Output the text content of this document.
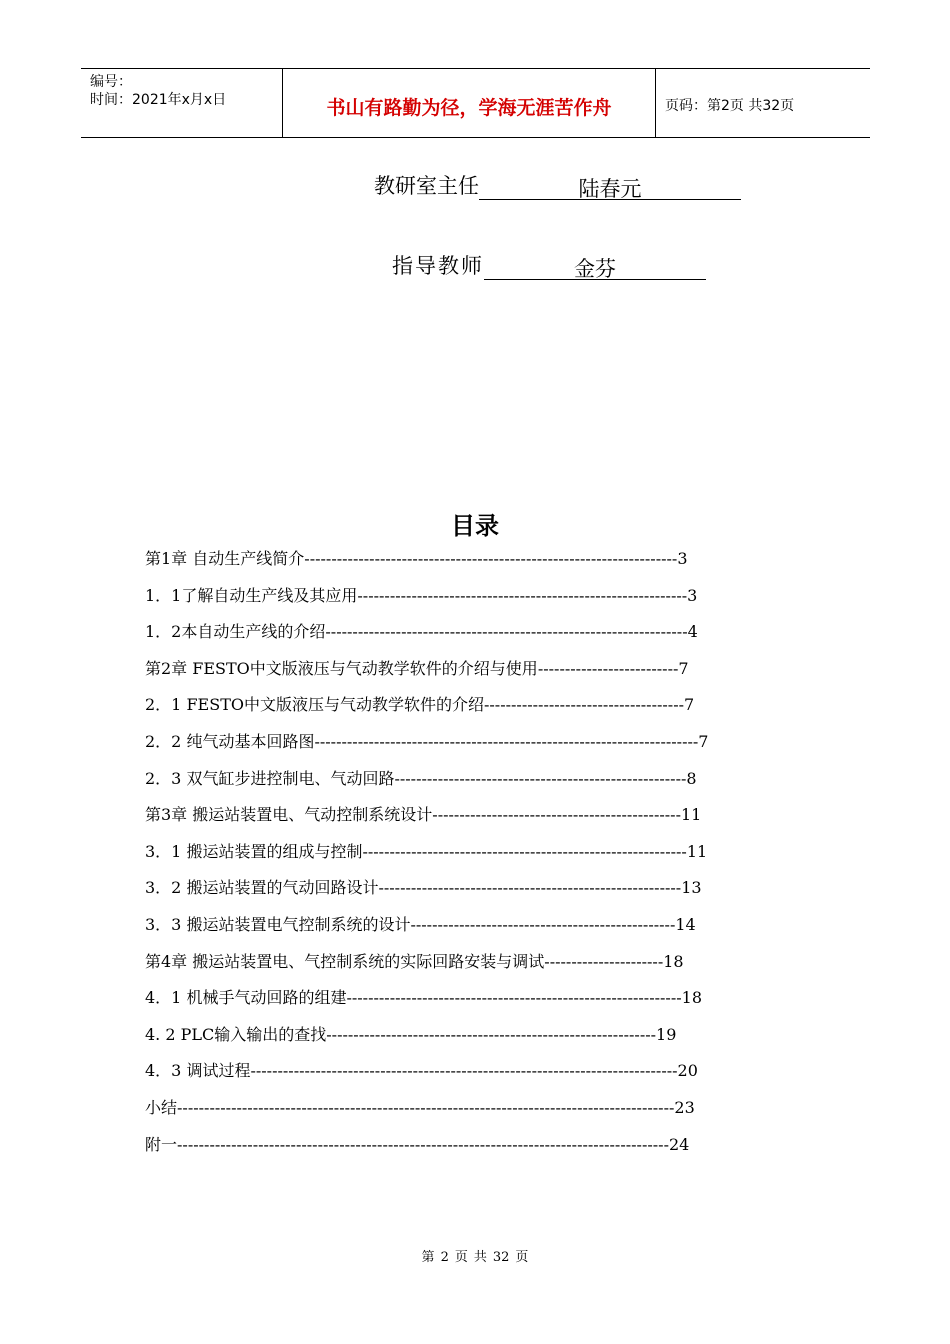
编号：
时间：2021年x月x日	书山有路勤为径，学海无涯苦作舟	页码：第2页 共32页
教研室主任	陆春元
指导教师	金芬
目录
第1章 自动生产线简介---------------------------------------------------------------------3
1．1了解自动生产线及其应用-------------------------------------------------------------3
1．2本自动生产线的介绍-------------------------------------------------------------------4
第2章 FESTO中文版液压与气动教学软件的介绍与使用--------------------------7
2．1 FESTO中文版液压与气动教学软件的介绍-------------------------------------7
2．2 纯气动基本回路图-----------------------------------------------------------------------7
2．3 双气缸步进控制电、气动回路------------------------------------------------------8
第3章 搬运站装置电、气动控制系统设计----------------------------------------------11
3．1 搬运站装置的组成与控制------------------------------------------------------------11
3．2 搬运站装置的气动回路设计--------------------------------------------------------13
3．3 搬运站装置电气控制系统的设计-------------------------------------------------14
第4章 搬运站装置电、气控制系统的实际回路安装与调试----------------------18
4．1 机械手气动回路的组建--------------------------------------------------------------18
4. 2 PLC输入输出的查找-------------------------------------------------------------19
4．3 调试过程-------------------------------------------------------------------------------20
小结--------------------------------------------------------------------------------------------23
附一-------------------------------------------------------------------------------------------24
第 2 页 共 32 页
